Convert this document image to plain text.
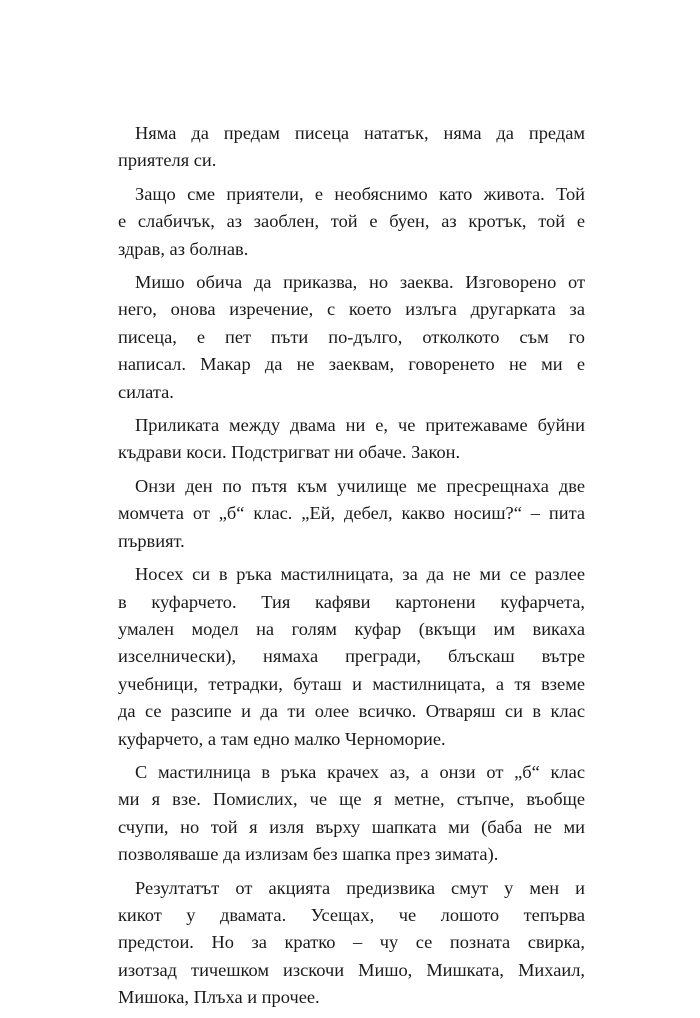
Няма да предам писеца нататък, няма да предам
приятеля си.
Защо сме приятели, е необяснимо като живота. Той
е слабичък, аз заоблен, той е буен, аз кротък, той е
здрав, аз болнав.
Мишо обича да приказва, но заеква. Изговорено от
него, онова изречение, с което излъга другарката за
писеца, е пет пъти по-дълго, отколкото съм го
написал. Макар да не заеквам, говоренето не ми е
силата.
Приликата между двама ни е, че притежаваме буйни
къдрави коси. Подстригват ни обаче. Закон.
Онзи ден по пътя към училище ме пресрещнаха две
момчета от „б“ клас. „Ей, дебел, какво носиш?“ – пита
първият.
Носех си в ръка мастилницата, за да не ми се разлее
в куфарчето. Тия кафяви картонени куфарчета,
умален модел на голям куфар (вкъщи им викаха
изселнически), нямаха прегради, блъскаш вътре
учебници, тетрадки, буташ и мастилницата, а тя вземе
да се разсипе и да ти олее всичко. Отваряш си в клас
куфарчето, а там едно малко Черноморие.
С мастилница в ръка крачех аз, а онзи от „б“ клас
ми я взе. Помислих, че ще я метне, стъпче, въобще
счупи, но той я изля върху шапката ми (баба не ми
позволяваше да излизам без шапка през зимата).
Резултатът от акцията предизвика смут у мен и
кикот у двамата. Усещах, че лошото тепърва
предстои. Но за кратко – чу се позната свирка,
изотзад тичешком изскочи Мишо, Мишката, Михаил,
Мишока, Плъха и прочее.
